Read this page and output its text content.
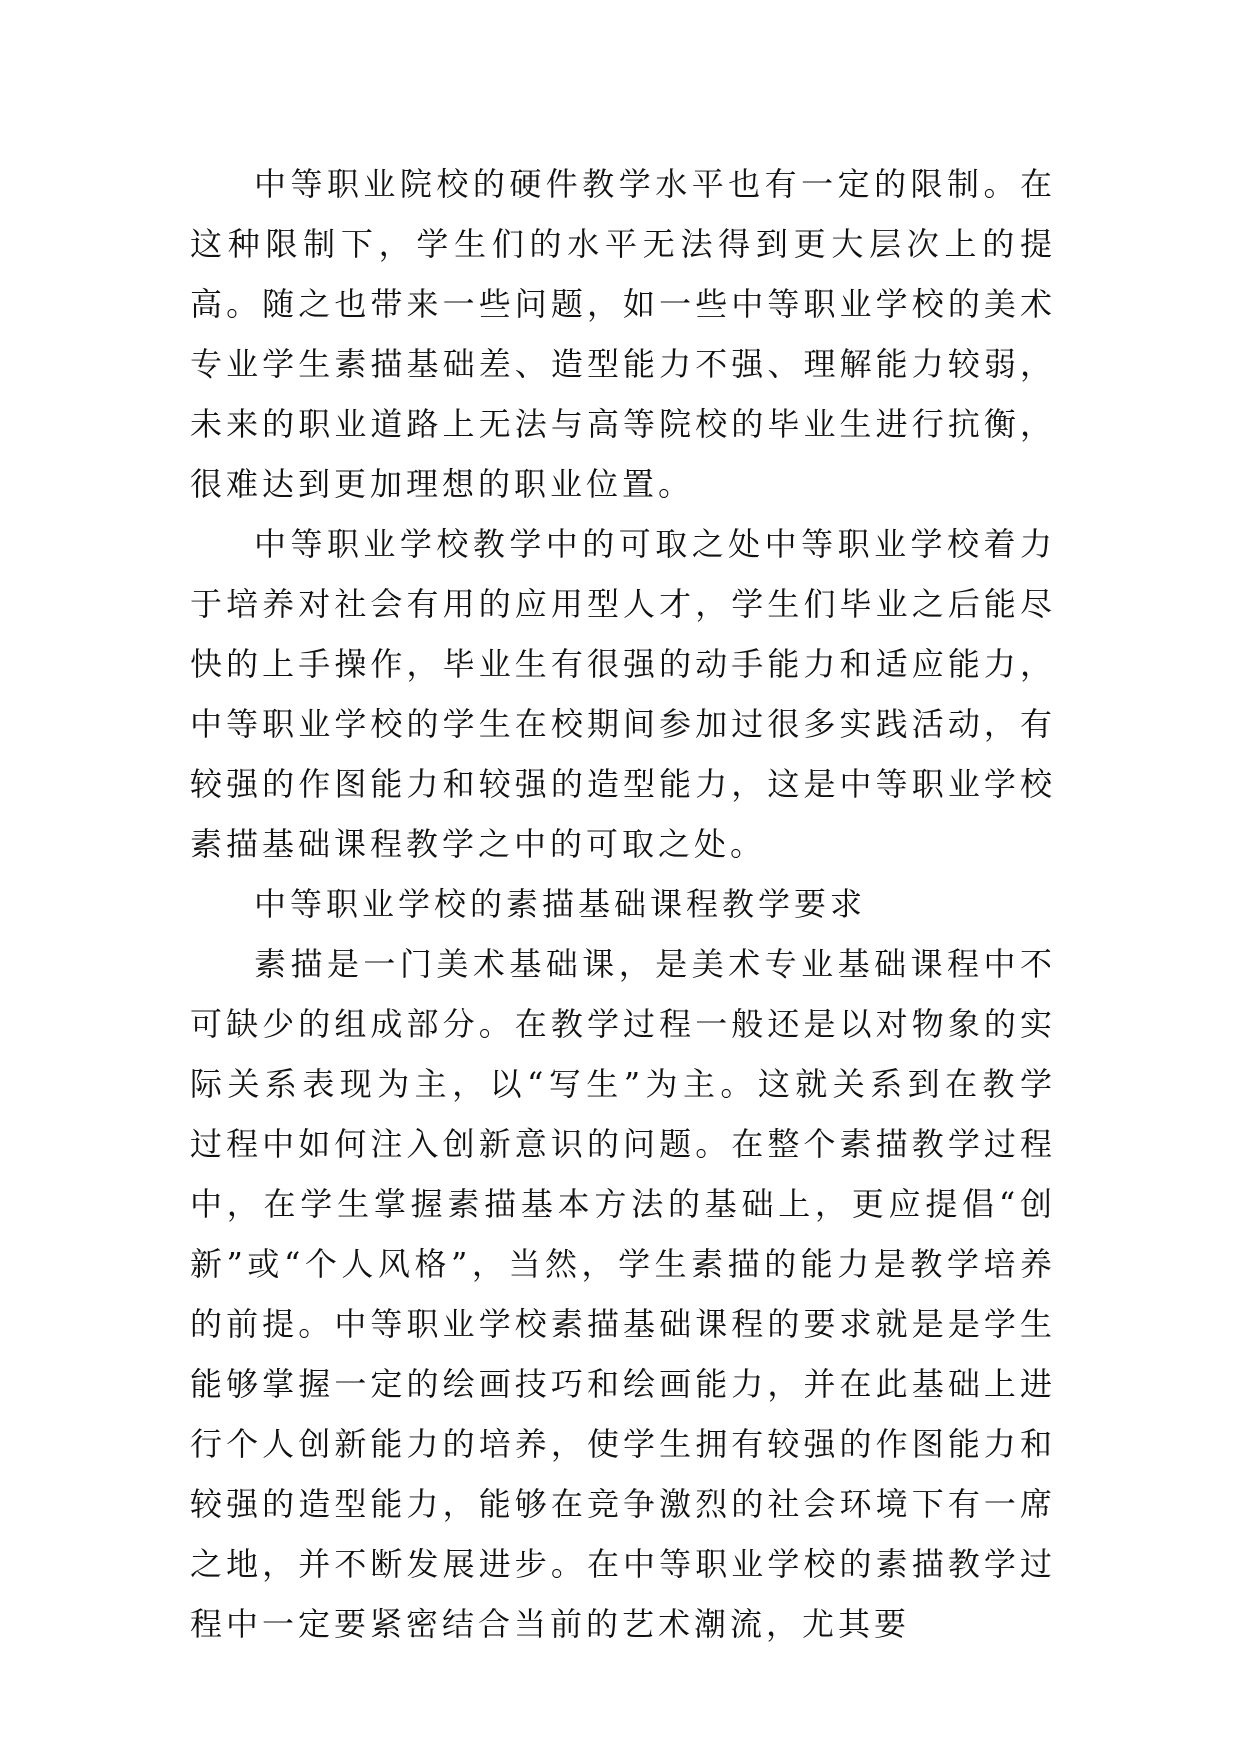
中等职业院校的硬件教学水平也有一定的限制。在这种限制下，学生们的水平无法得到更大层次上的提高。随之也带来一些问题，如一些中等职业学校的美术专业学生素描基础差、造型能力不强、理解能力较弱，未来的职业道路上无法与高等院校的毕业生进行抗衡，很难达到更加理想的职业位置。

中等职业学校教学中的可取之处中等职业学校着力于培养对社会有用的应用型人才，学生们毕业之后能尽快的上手操作，毕业生有很强的动手能力和适应能力，中等职业学校的学生在校期间参加过很多实践活动，有较强的作图能力和较强的造型能力，这是中等职业学校素描基础课程教学之中的可取之处。

中等职业学校的素描基础课程教学要求

素描是一门美术基础课，是美术专业基础课程中不可缺少的组成部分。在教学过程一般还是以对物象的实际关系表现为主，以“写生”为主。这就关系到在教学过程中如何注入创新意识的问题。在整个素描教学过程中，在学生掌握素描基本方法的基础上，更应提倡“创新”或“个人风格”，当然，学生素描的能力是教学培养的前提。中等职业学校素描基础课程的要求就是是学生能够掌握一定的绘画技巧和绘画能力，并在此基础上进行个人创新能力的培养，使学生拥有较强的作图能力和较强的造型能力，能够在竞争激烈的社会环境下有一席之地，并不断发展进步。在中等职业学校的素描教学过程中一定要紧密结合当前的艺术潮流，尤其要
